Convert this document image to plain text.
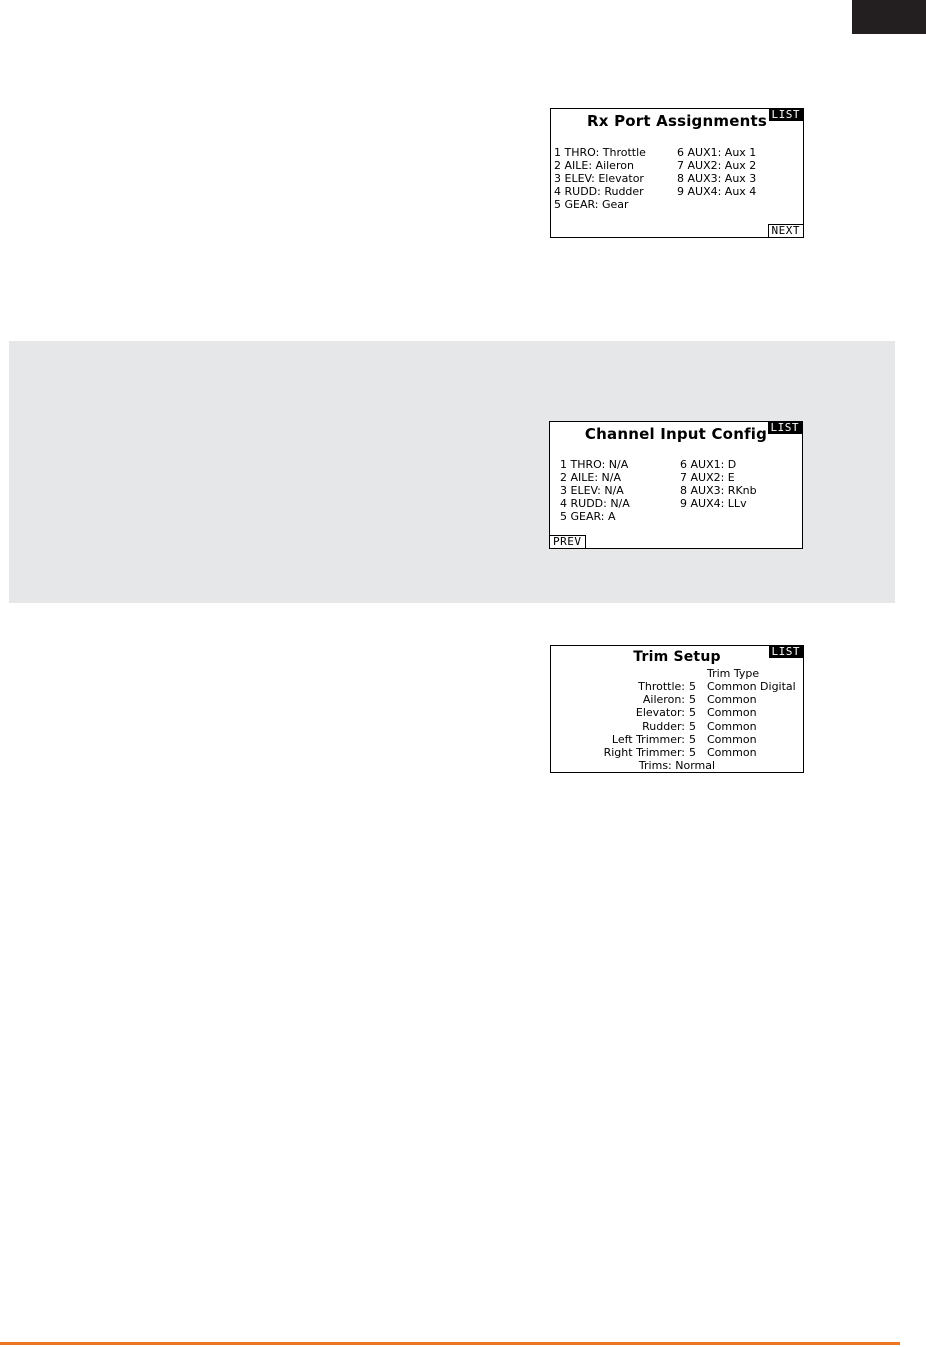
Rx Port Assignments LIST
1 THRO: Throttle
2 AILE: Aileron
3 ELEV: Elevator
4 RUDD: Rudder
5 GEAR: Gear
6 AUX1: Aux 1
7 AUX2: Aux 2
8 AUX3: Aux 3
9 AUX4: Aux 4
NEXT
Channel Input Config LIST
1 THRO: N/A
2 AILE: N/A
3 ELEV: N/A
4 RUDD: N/A
5 GEAR: A
6 AUX1: D
7 AUX2: E
8 AUX3: RKnb
9 AUX4: LLv
PREV
Trim Setup	LIST
Trim Type
Throttle: 5 Common Digital
Aileron: 5 Common
Elevator: 5 Common
Rudder: 5 Common
Left Trimmer: 5 Common
Right Trimmer: 5 Common
Trims: Normal
